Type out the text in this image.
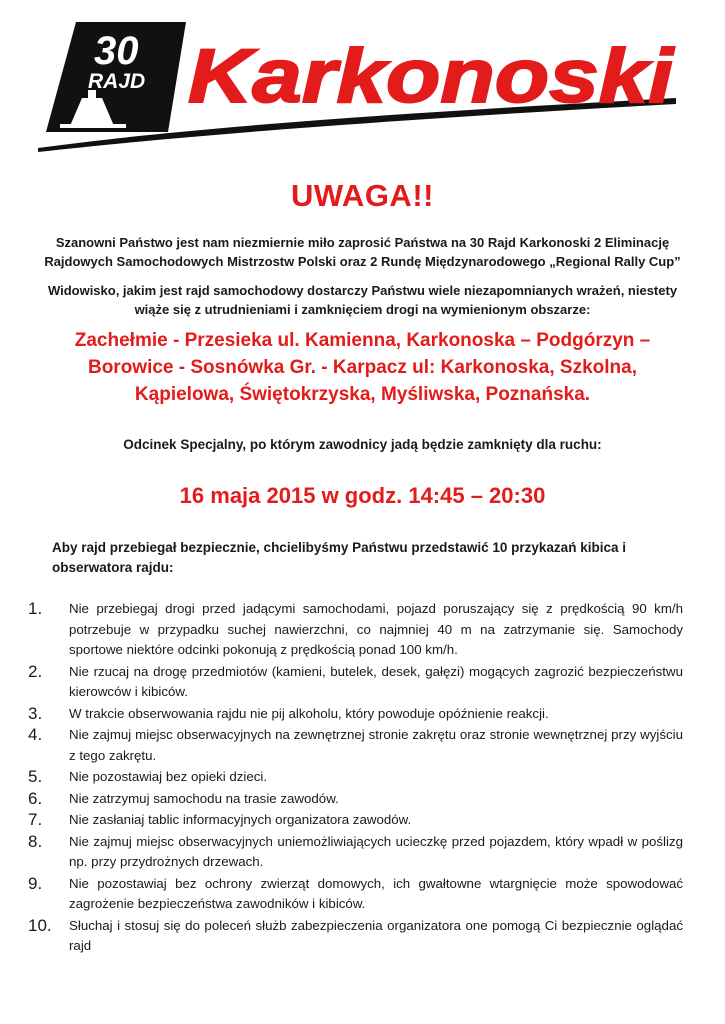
30
RAJD Karkonoski
UWAGA!!
Szanowni Państwo jest nam niezmiernie miło zaprosić Państwa na 30 Rajd Karkonoski 2 Eliminację Rajdowych Samochodowych Mistrzostw Polski oraz 2 Rundę Międzynarodowego „Regional Rally Cup”
Widowisko, jakim jest rajd samochodowy dostarczy Państwu wiele niezapomnianych wrażeń, niestety wiąże się z utrudnieniami i zamknięciem drogi na wymienionym obszarze:
Zachełmie - Przesieka ul. Kamienna, Karkonoska – Podgórzyn – Borowice - Sosnówka Gr. - Karpacz ul: Karkonoska, Szkolna, Kąpielowa, Świętokrzyska, Myśliwska, Poznańska.
Odcinek Specjalny, po którym zawodnicy jadą będzie zamknięty dla ruchu:
16 maja 2015 w godz. 14:45 – 20:30
Aby rajd przebiegał bezpiecznie, chcielibyśmy Państwu przedstawić 10 przykazań kibica i obserwatora rajdu:
1.	Nie przebiegaj drogi przed jadącymi samochodami, pojazd poruszający się z prędkością 90 km/h potrzebuje w przypadku suchej nawierzchni, co najmniej 40 m na zatrzymanie się. Samochody sportowe niektóre odcinki pokonują z prędkością ponad 100 km/h.
2.	Nie rzucaj na drogę przedmiotów (kamieni, butelek, desek, gałęzi) mogących zagrozić bezpieczeństwu kierowców i kibiców.
3.	W trakcie obserwowania rajdu nie pij alkoholu, który powoduje opóźnienie reakcji.
4.	Nie zajmuj miejsc obserwacyjnych na zewnętrznej stronie zakrętu oraz stronie wewnętrznej przy wyjściu z tego zakrętu.
5.	Nie pozostawiaj bez opieki dzieci.
6.	Nie zatrzymuj samochodu na trasie zawodów.
7.	Nie zasłaniaj tablic informacyjnych organizatora zawodów.
8.	Nie zajmuj miejsc obserwacyjnych uniemożliwiających ucieczkę przed pojazdem, który wpadł w poślizg np. przy przydrożnych drzewach.
9.	Nie pozostawiaj bez ochrony zwierząt domowych, ich gwałtowne wtargnięcie może spowodować zagrożenie bezpieczeństwa zawodników i kibiców.
10.	Słuchaj i stosuj się do poleceń służb zabezpieczenia organizatora one pomogą Ci bezpiecznie oglądać rajd
